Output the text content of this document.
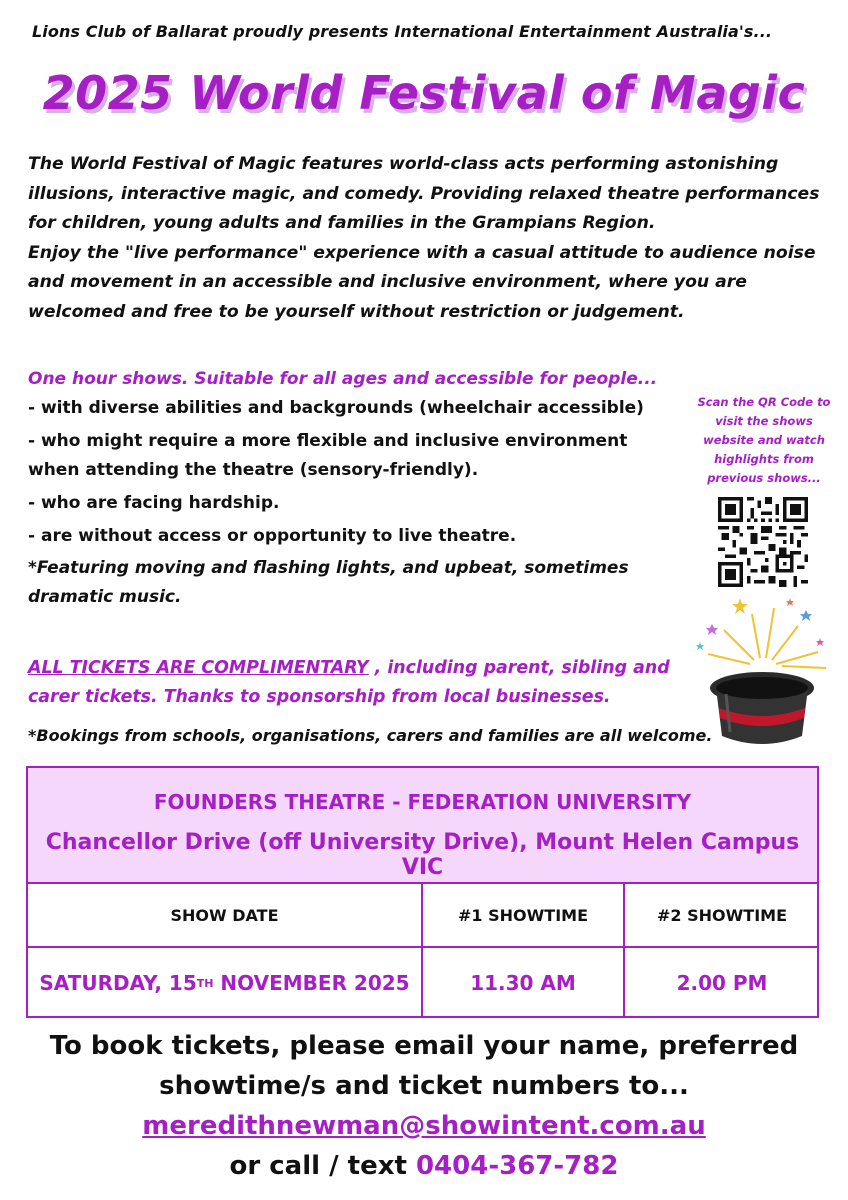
Lions Club of Ballarat proudly presents International Entertainment Australia's...
2025 World Festival of Magic

The World Festival of Magic features world-class acts performing astonishing illusions, interactive magic, and comedy. Providing relaxed theatre performances for children, young adults and families in the Grampians Region.

Enjoy the "live performance" experience with a casual attitude to audience noise and movement in an accessible and inclusive environment, where you are welcomed and free to be yourself without restriction or judgement.

One hour shows. Suitable for all ages and accessible for people...
- with diverse abilities and backgrounds (wheelchair accessible)
- who might require a more flexible and inclusive environment when attending the theatre (sensory-friendly).
- who are facing hardship.
- are without access or opportunity to live theatre.
*Featuring moving and flashing lights, and upbeat, sometimes dramatic music.
ALL TICKETS ARE COMPLIMENTARY , including parent, sibling and carer tickets. Thanks to sponsorship from local businesses.
*Bookings from schools, organisations, carers and families are all welcome.
Scan the QR Code to visit the shows website and watch highlights from previous shows...
FOUNDERS THEATRE - FEDERATION UNIVERSITY
Chancellor Drive (off University Drive), Mount Helen Campus VIC
SHOW DATE	#1 SHOWTIME	#2 SHOWTIME
SATURDAY, 15 TH NOVEMBER 2025	11.30 AM	2.00 PM
To book tickets, please email your name, preferred
showtime/s and ticket numbers to...
meredithnewman@showintent.com.au
or call / text 0404-367-782
